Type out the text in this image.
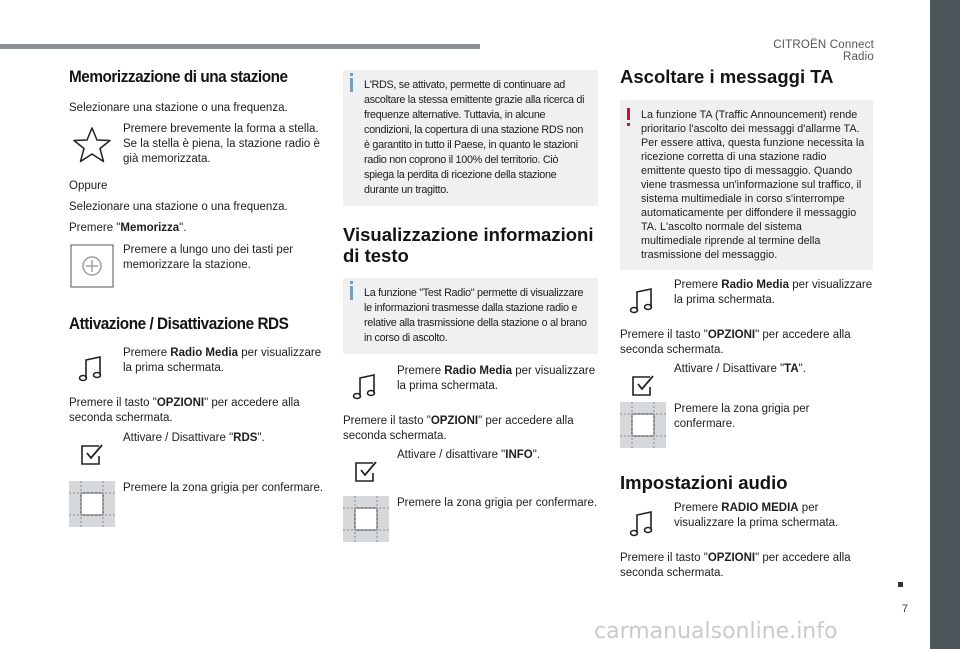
CITROËN Connect Radio
7
carmanualsonline.info
Memorizzazione di una stazione

Selezionare una stazione o una frequenza.

Premere brevemente la forma a stella. Se la stella è piena, la stazione radio è già memorizzata.

Oppure

Selezionare una stazione o una frequenza.

Premere "Memorizza".

Premere a lungo uno dei tasti per memorizzare la stazione.

Attivazione / Disattivazione RDS

Premere Radio Media per visualizzare la prima schermata.

Premere il tasto "OPZIONI" per accedere alla seconda schermata.

Attivare / Disattivare "RDS".

Premere la zona grigia per confermare.

L'RDS, se attivato, permette di continuare ad ascoltare la stessa emittente grazie alla ricerca di frequenze alternative. Tuttavia, in alcune condizioni, la copertura di una stazione RDS non è garantito in tutto il Paese, in quanto le stazioni radio non coprono il 100% del territorio. Ciò spiega la perdita di ricezione della stazione durante un tragitto.

Visualizzazione informazioni di testo

La funzione "Test Radio" permette di visualizzare le informazioni trasmesse dalla stazione radio e relative alla trasmissione della stazione o al brano in corso di ascolto.

Premere Radio Media per visualizzare la prima schermata.

Premere il tasto "OPZIONI" per accedere alla seconda schermata.

Attivare / disattivare "INFO".

Premere la zona grigia per confermare.

Ascoltare i messaggi TA

La funzione TA (Traffic Announcement) rende prioritario l'ascolto dei messaggi d'allarme TA. Per essere attiva, questa funzione necessita la ricezione corretta di una stazione radio emittente questo tipo di messaggio. Quando viene trasmessa un'informazione sul traffico, il sistema multimediale in corso s'interrompe automaticamente per diffondere il messaggio TA. L'ascolto normale del sistema multimediale riprende al termine della trasmissione del messaggio.

Premere Radio Media per visualizzare la prima schermata.

Premere il tasto "OPZIONI" per accedere alla seconda schermata.

Attivare / Disattivare "TA".

Premere la zona grigia per confermare.

Impostazioni audio

Premere RADIO MEDIA per visualizzare la prima schermata.

Premere il tasto "OPZIONI" per accedere alla seconda schermata.
